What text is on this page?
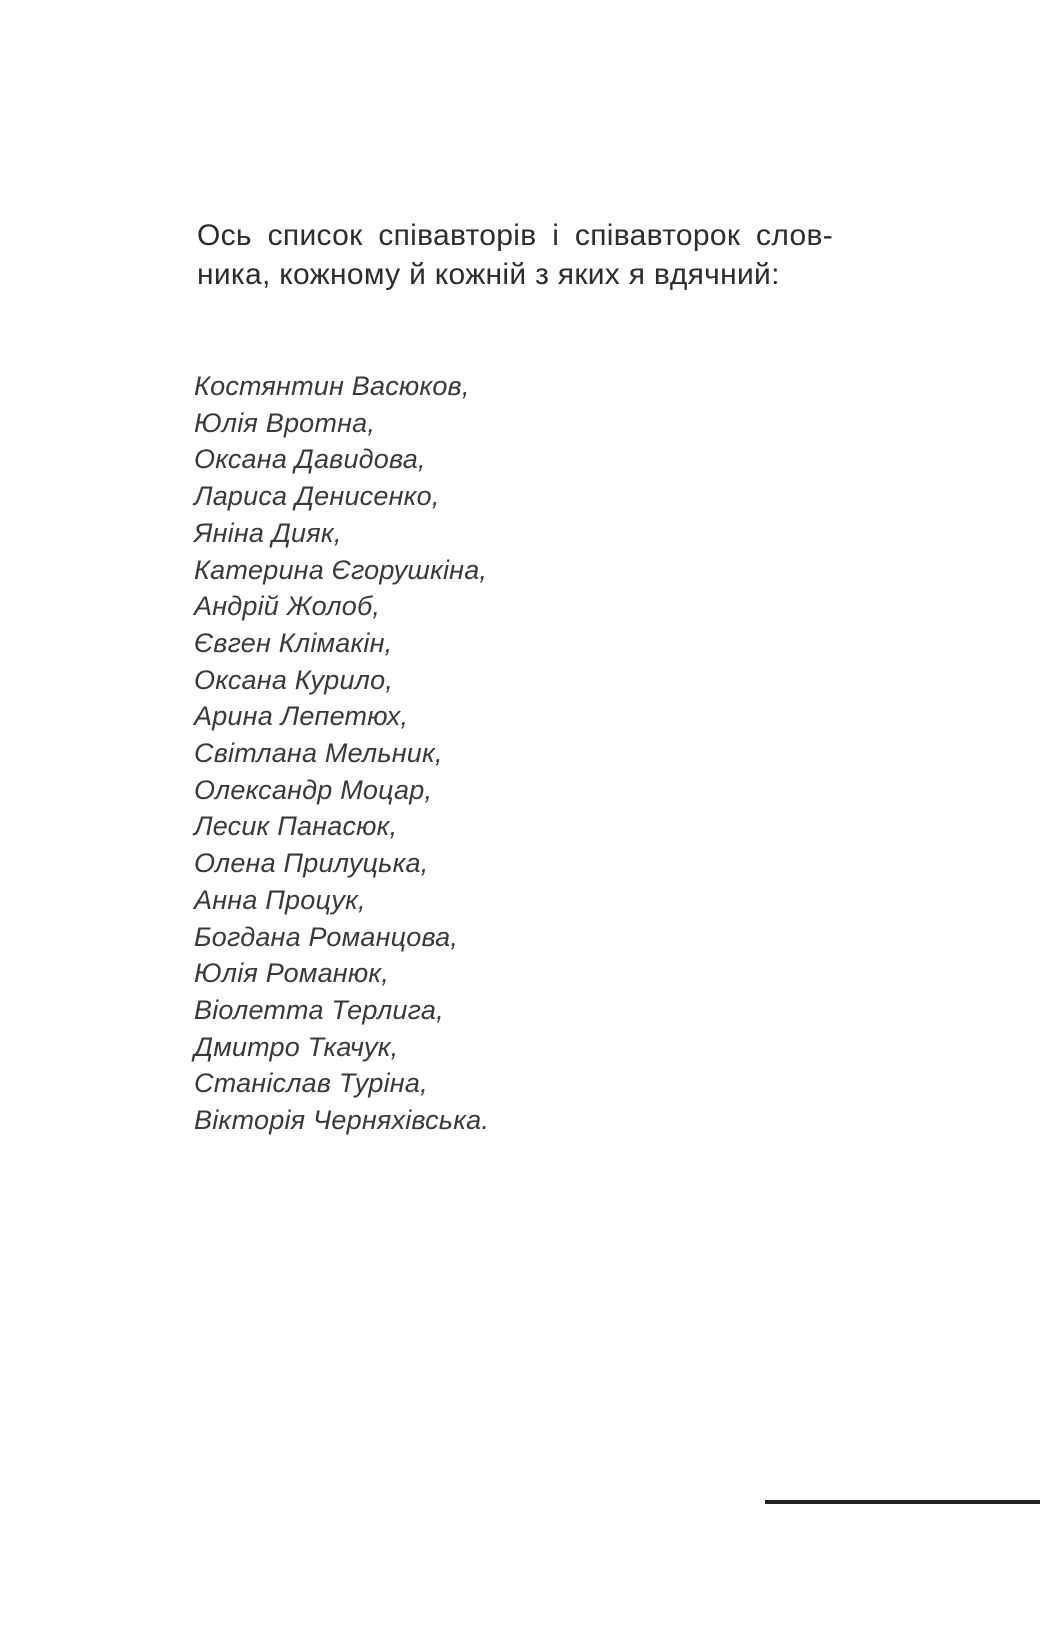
Ось список співавторів і співавторок слов-
ника, кожному й кожній з яких я вдячний:
Костянтин Васюков,
Юлія Вротна,
Оксана Давидова,
Лариса Денисенко,
Яніна Дияк,
Катерина Єгорушкіна,
Андрій Жолоб,
Євген Клімакін,
Оксана Курило,
Арина Лепетюх,
Світлана Мельник,
Олександр Моцар,
Лесик Панасюк,
Олена Прилуцька,
Анна Процук,
Богдана Романцова,
Юлія Романюк,
Віолетта Терлига,
Дмитро Ткачук,
Станіслав Туріна,
Вікторія Черняхівська.
